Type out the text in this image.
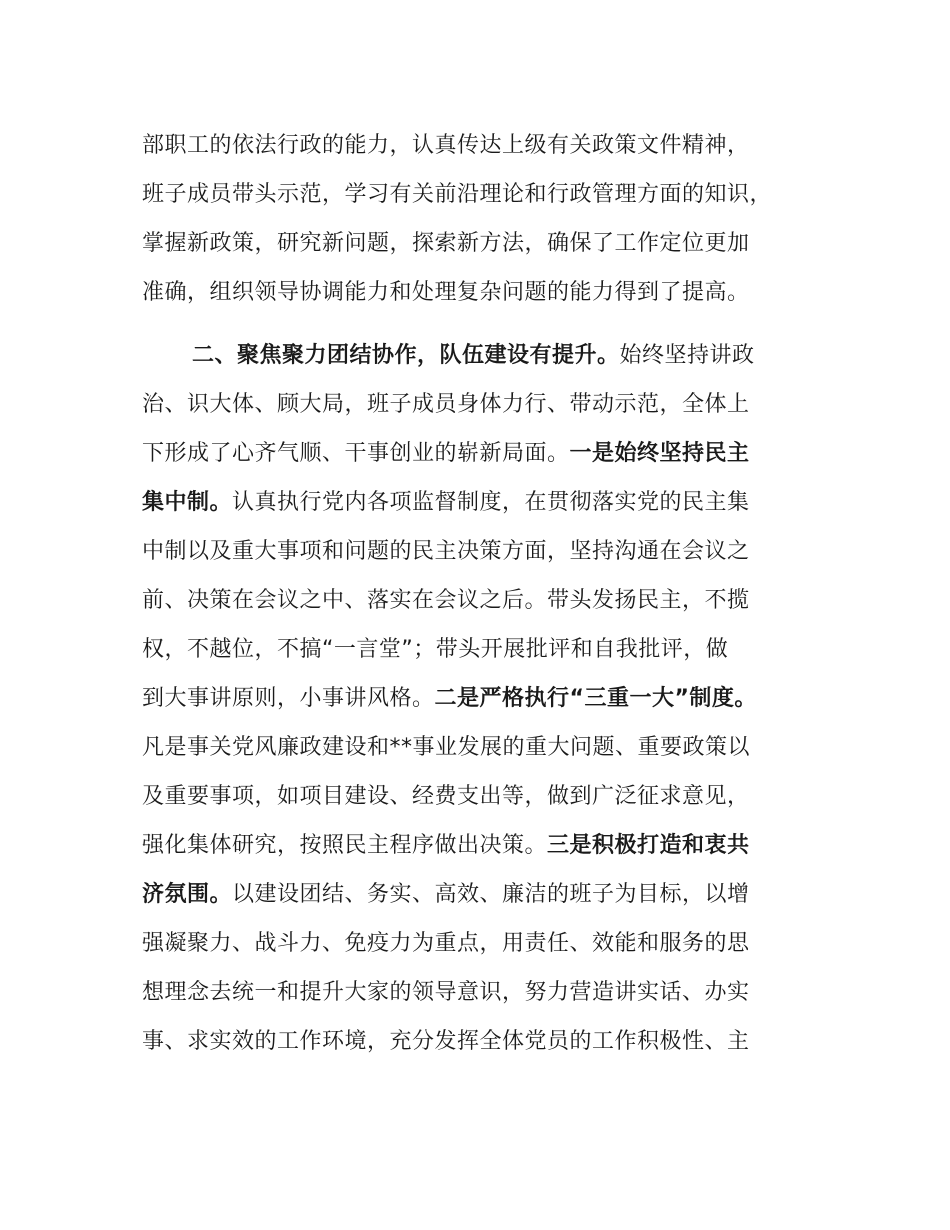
部职工的依法行政的能力，认真传达上级有关政策文件精神，
班子成员带头示范，学习有关前沿理论和行政管理方面的知识，
掌握新政策，研究新问题，探索新方法，确保了工作定位更加
准确，组织领导协调能力和处理复杂问题的能力得到了提高。
二、聚焦聚力团结协作，队伍建设有提升。始终坚持讲政
治、识大体、顾大局，班子成员身体力行、带动示范，全体上
下形成了心齐气顺、干事创业的崭新局面。一是始终坚持民主
集中制。认真执行党内各项监督制度，在贯彻落实党的民主集
中制以及重大事项和问题的民主决策方面，坚持沟通在会议之
前、决策在会议之中、落实在会议之后。带头发扬民主，不揽
权，不越位，不搞“一言堂”；带头开展批评和自我批评，做
到大事讲原则，小事讲风格。二是严格执行“三重一大”制度。
凡是事关党风廉政建设和**事业发展的重大问题、重要政策以
及重要事项，如项目建设、经费支出等，做到广泛征求意见，
强化集体研究，按照民主程序做出决策。三是积极打造和衷共
济氛围。以建设团结、务实、高效、廉洁的班子为目标，以增
强凝聚力、战斗力、免疫力为重点，用责任、效能和服务的思
想理念去统一和提升大家的领导意识，努力营造讲实话、办实
事、求实效的工作环境，充分发挥全体党员的工作积极性、主
